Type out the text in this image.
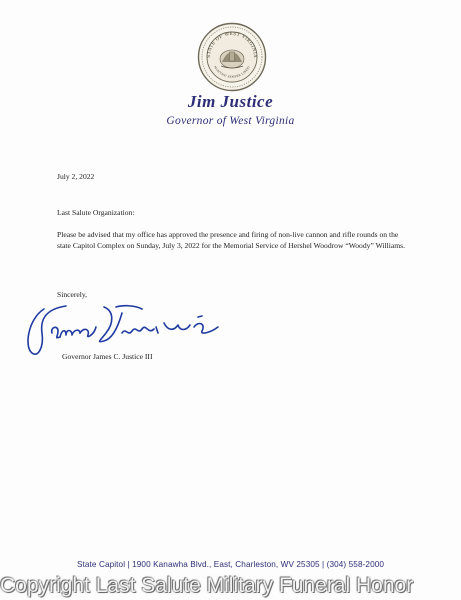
STATE OF WEST VIRGINIA
MONTANI SEMPER LIBERI
Jim Justice
Governor of West Virginia
July 2, 2022
Last Salute Organization:
Please be advised that my office has approved the presence and firing of non-live cannon and rifle rounds on the state Capitol Complex on Sunday, July 3, 2022 for the Memorial Service of Hershel Woodrow “Woody” Williams.
Sincerely,
Governor James C. Justice III
State Capitol | 1900 Kanawha Blvd., East, Charleston, WV 25305 | (304) 558-2000
Copyright Last Salute Military Funeral Honor
